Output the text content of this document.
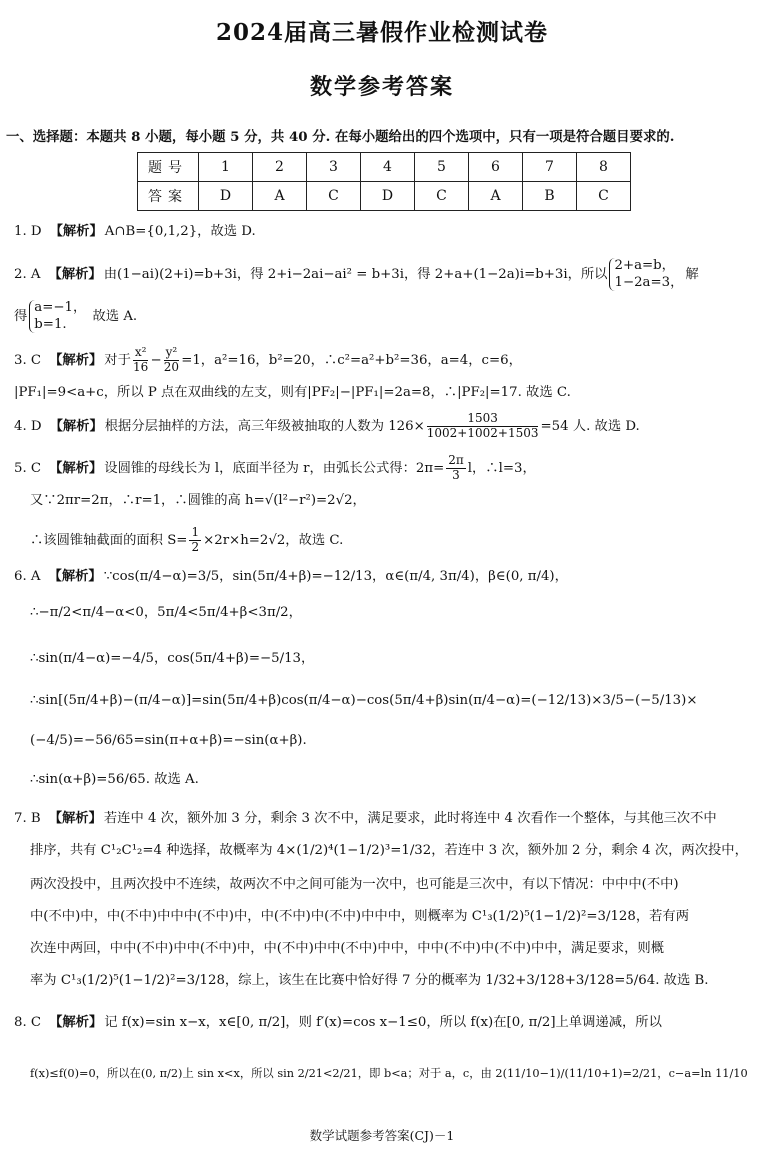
2024届高三暑假作业检测试卷
数学参考答案
一、选择题：本题共 8 小题，每小题 5 分，共 40 分. 在每小题给出的四个选项中，只有一项是符合题目要求的.
题号	1	2	3	4	5	6	7	8
答案	D	A	C	D	C	A	B	C
1. D 【解析】 A∩B={0,1,2}，故选 D.
2. A 【解析】 由(1−ai)(2+i)=b+3i，得 2+i−2ai−ai² = b+3i，得 2+a+(1−2a)i=b+3i，所以
2+a=b，
1−2a=3， 解
得
a=−1，
b=1.	故选 A.
3. C 【解析】 对于 $\frac{\text{x²}}{16} - \frac{\text{y²}}{20} =1$，a²=16，b²=20，∴c²=a²+b²=36，a=4，c=6，
|PF₁|=9<a+c，所以 P 点在双曲线的左支，则有|PF₂|−|PF₁|=2a=8，∴|PF₂|=17. 故选 C.
4. D 【解析】 根据分层抽样的方法，高三年级被抽取的人数为 $126\times \frac{1503}{1002+1002+1503} =54$ 人. 故选 D.
5. C 【解析】 设圆锥的母线长为 l，底面半径为 r，由弧长公式得：$2\pi= \frac{2\pi}{3}$ l，∴l=3，
又∵2πr=2π，∴r=1，∴圆锥的高 h=√(l²−r²)=2√2，
∴该圆锥轴截面的面积 $S= \frac{1}{2} \times 2r\times h=2√2$，故选 C.
6. A 【解析】 ∵cos(π/4−α)=3/5，sin(5π/4+β)=−12/13，α∈(π/4, 3π/4)，β∈(0, π/4)，
∴−π/2<π/4−α<0，5π/4<5π/4+β<3π/2，
∴sin(π/4−α)=−4/5，cos(5π/4+β)=−5/13，
∴sin[(5π/4+β)−(π/4−α)]=sin(5π/4+β)cos(π/4−α)−cos(5π/4+β)sin(π/4−α)=(−12/13)×3/5−(−5/13)×
(−4/5)=−56/65=sin(π+α+β)=−sin(α+β).
∴sin(α+β)=56/65. 故选 A.
7. B 【解析】 若连中 4 次，额外加 3 分，剩余 3 次不中，满足要求，此时将连中 4 次看作一个整体，与其他三次不中
排序，共有 C¹₂C¹₂=4 种选择，故概率为 4×(1/2)⁴(1−1/2)³=1/32，若连中 3 次，额外加 2 分，剩余 4 次，两次投中，
两次没投中，且两次投中不连续，故两次不中之间可能为一次中，也可能是三次中，有以下情况：中中中(不中)
中(不中)中，中(不中)中中中(不中)中，中(不中)中(不中)中中中，则概率为 C¹₃(1/2)⁵(1−1/2)²=3/128，若有两
次连中两回，中中(不中)中中(不中)中，中(不中)中中(不中)中中，中中(不中)中(不中)中中，满足要求，则概
率为 C¹₃(1/2)⁵(1−1/2)²=3/128，综上，该生在比赛中恰好得 7 分的概率为 1/32+3/128+3/128=5/64. 故选 B.
8. C 【解析】 记 f(x)=sin x−x，x∈[0, π/2]，则 f′(x)=cos x−1≤0，所以 f(x)在[0, π/2]上单调递减，所以
f(x)≤f(0)=0，所以在(0, π/2)上 sin x<x，所以 sin 2/21<2/21，即 b<a；对于 a，c，由 2(11/10−1)/(11/10+1)=2/21，c−a=ln 11/10
数学试题参考答案(CJ)－1
